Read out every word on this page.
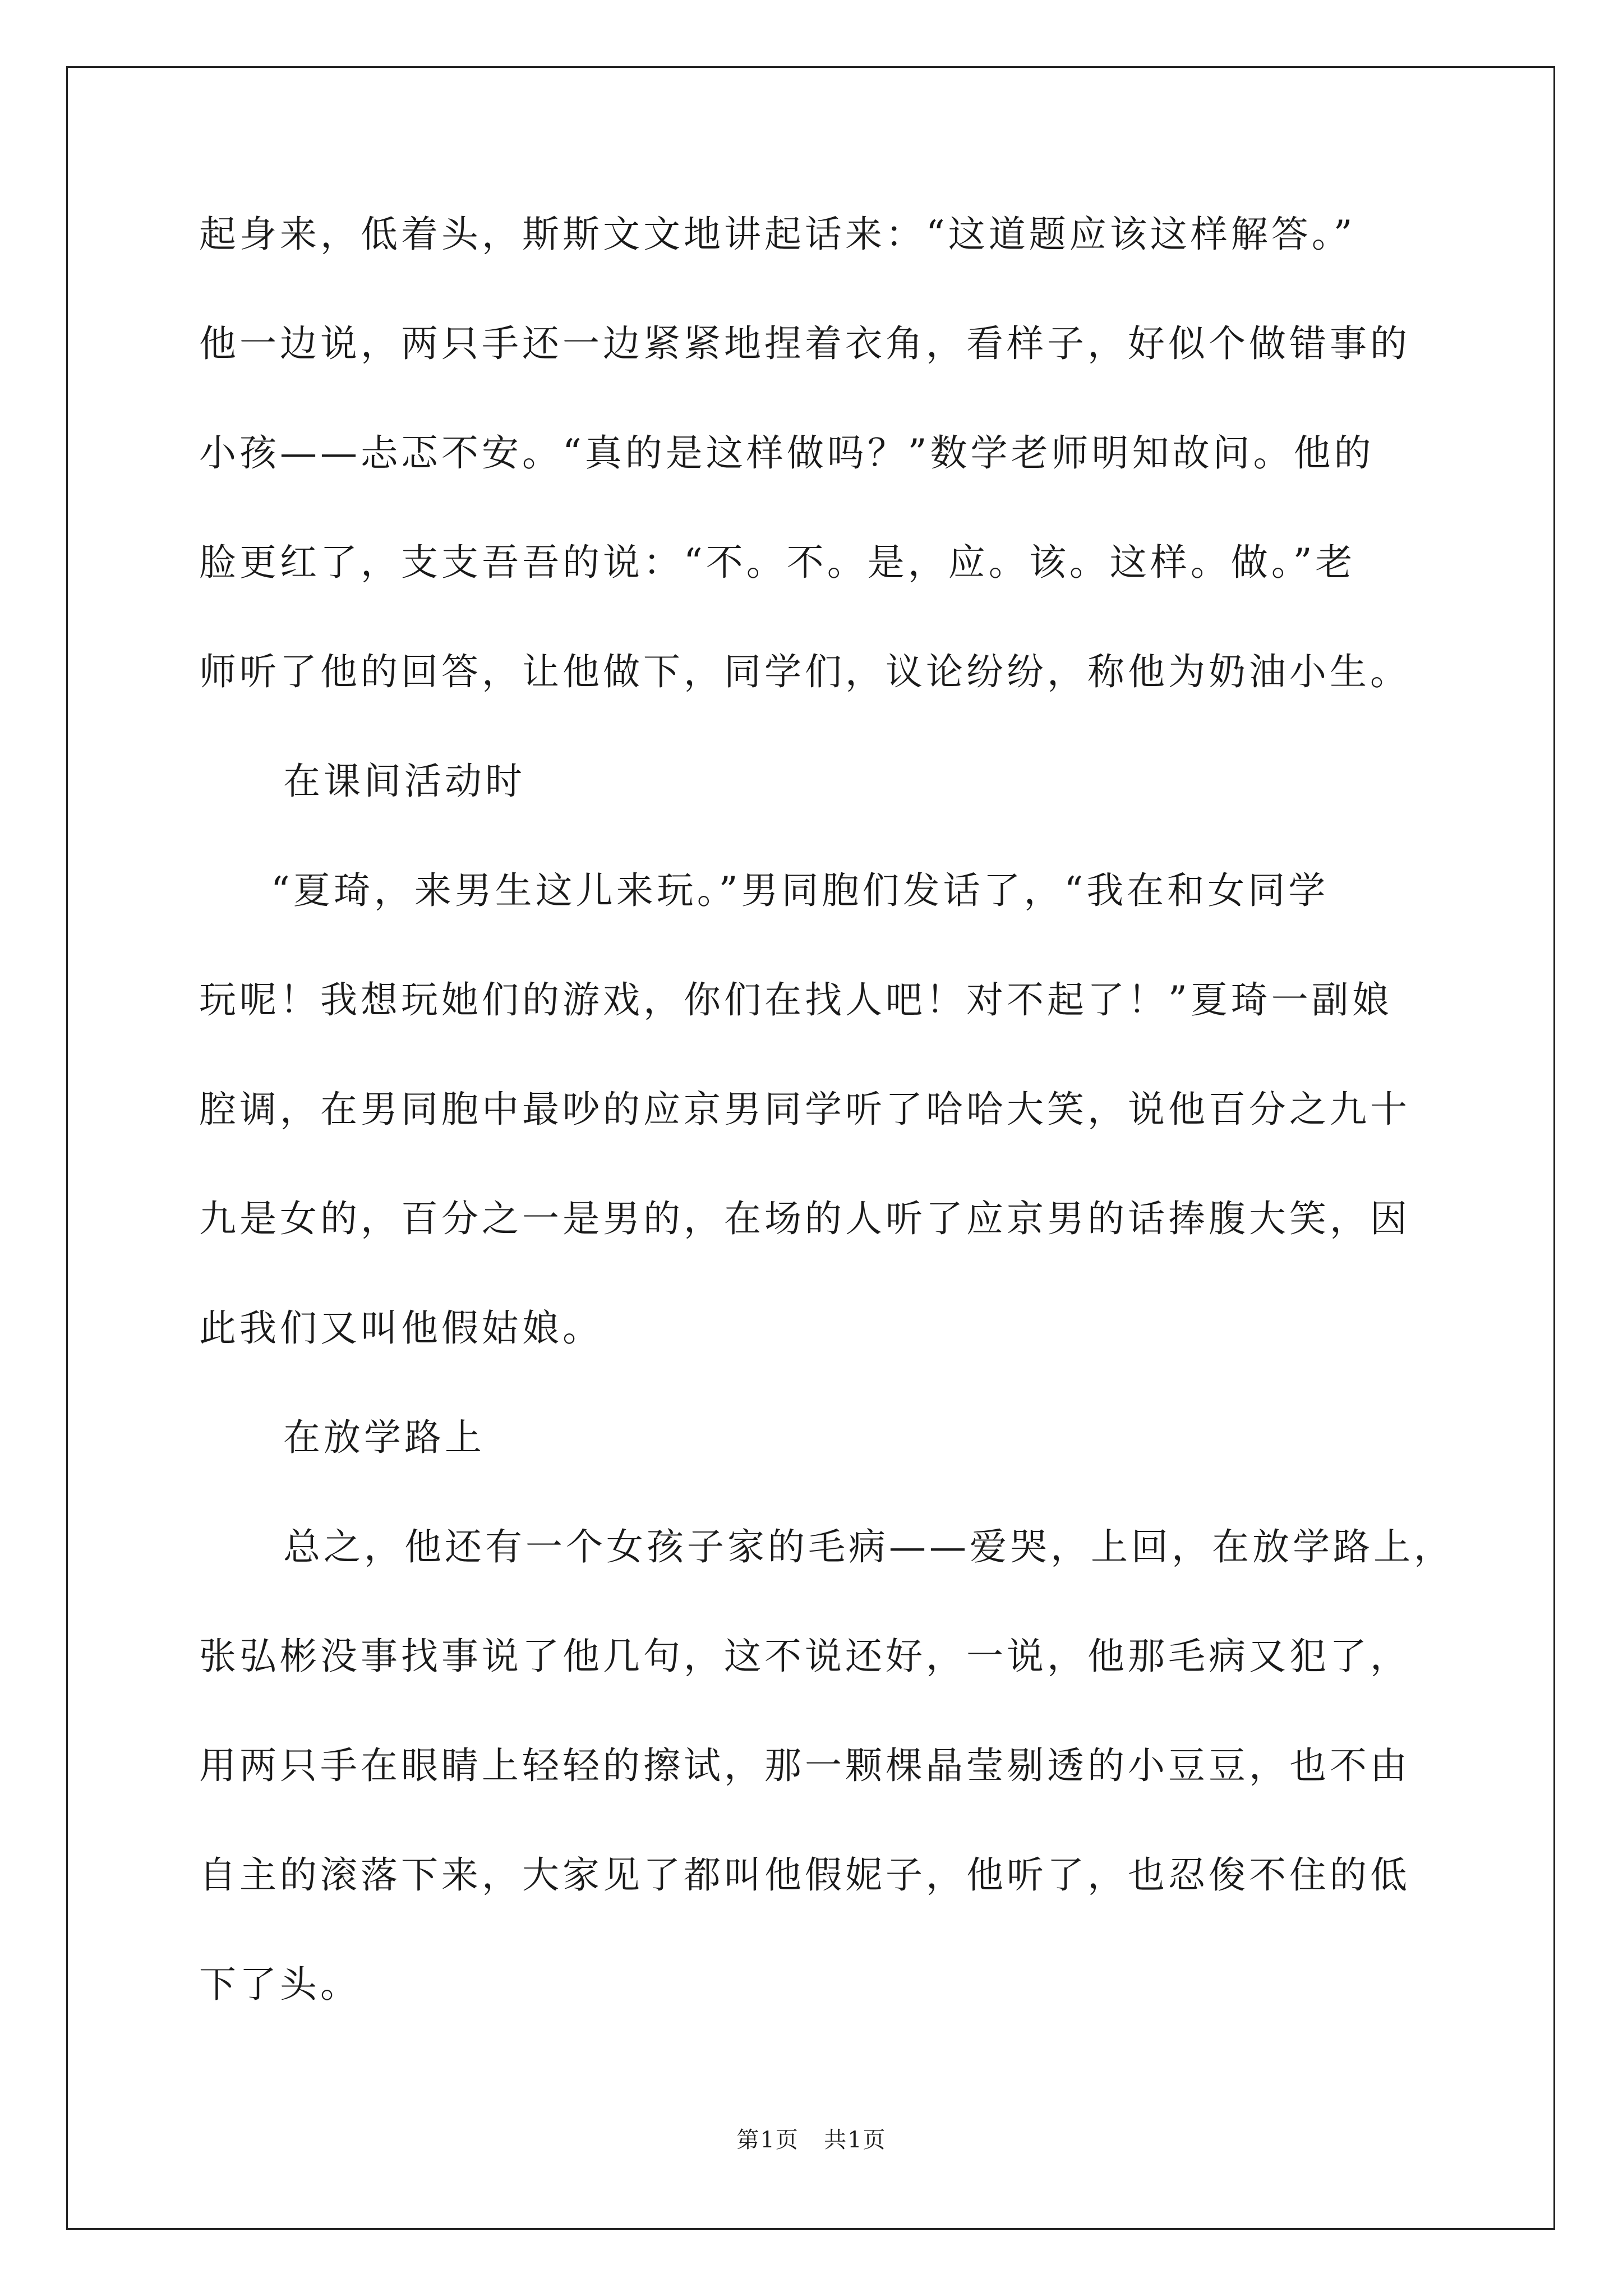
起身来，低着头，斯斯文文地讲起话来：“这道题应该这样解答。”
他一边说，两只手还一边紧紧地捏着衣角，看样子，好似个做错事的
小孩——忐忑不安。“真的是这样做吗？”数学老师明知故问。他的
脸更红了，支支吾吾的说：“不。不。是，应。该。这样。做。”老
师听了他的回答，让他做下，同学们，议论纷纷，称他为奶油小生。
在课间活动时
“夏琦，来男生这儿来玩。”男同胞们发话了，“我在和女同学
玩呢！我想玩她们的游戏，你们在找人吧！对不起了！”夏琦一副娘
腔调，在男同胞中最吵的应京男同学听了哈哈大笑，说他百分之九十
九是女的，百分之一是男的，在场的人听了应京男的话捧腹大笑，因
此我们又叫他假姑娘。
在放学路上
总之，他还有一个女孩子家的毛病——爱哭，上回，在放学路上，
张弘彬没事找事说了他几句，这不说还好，一说，他那毛病又犯了，
用两只手在眼睛上轻轻的擦试，那一颗棵晶莹剔透的小豆豆，也不由
自主的滚落下来，大家见了都叫他假妮子，他听了，也忍俊不住的低
下了头。
第1页 共1页
